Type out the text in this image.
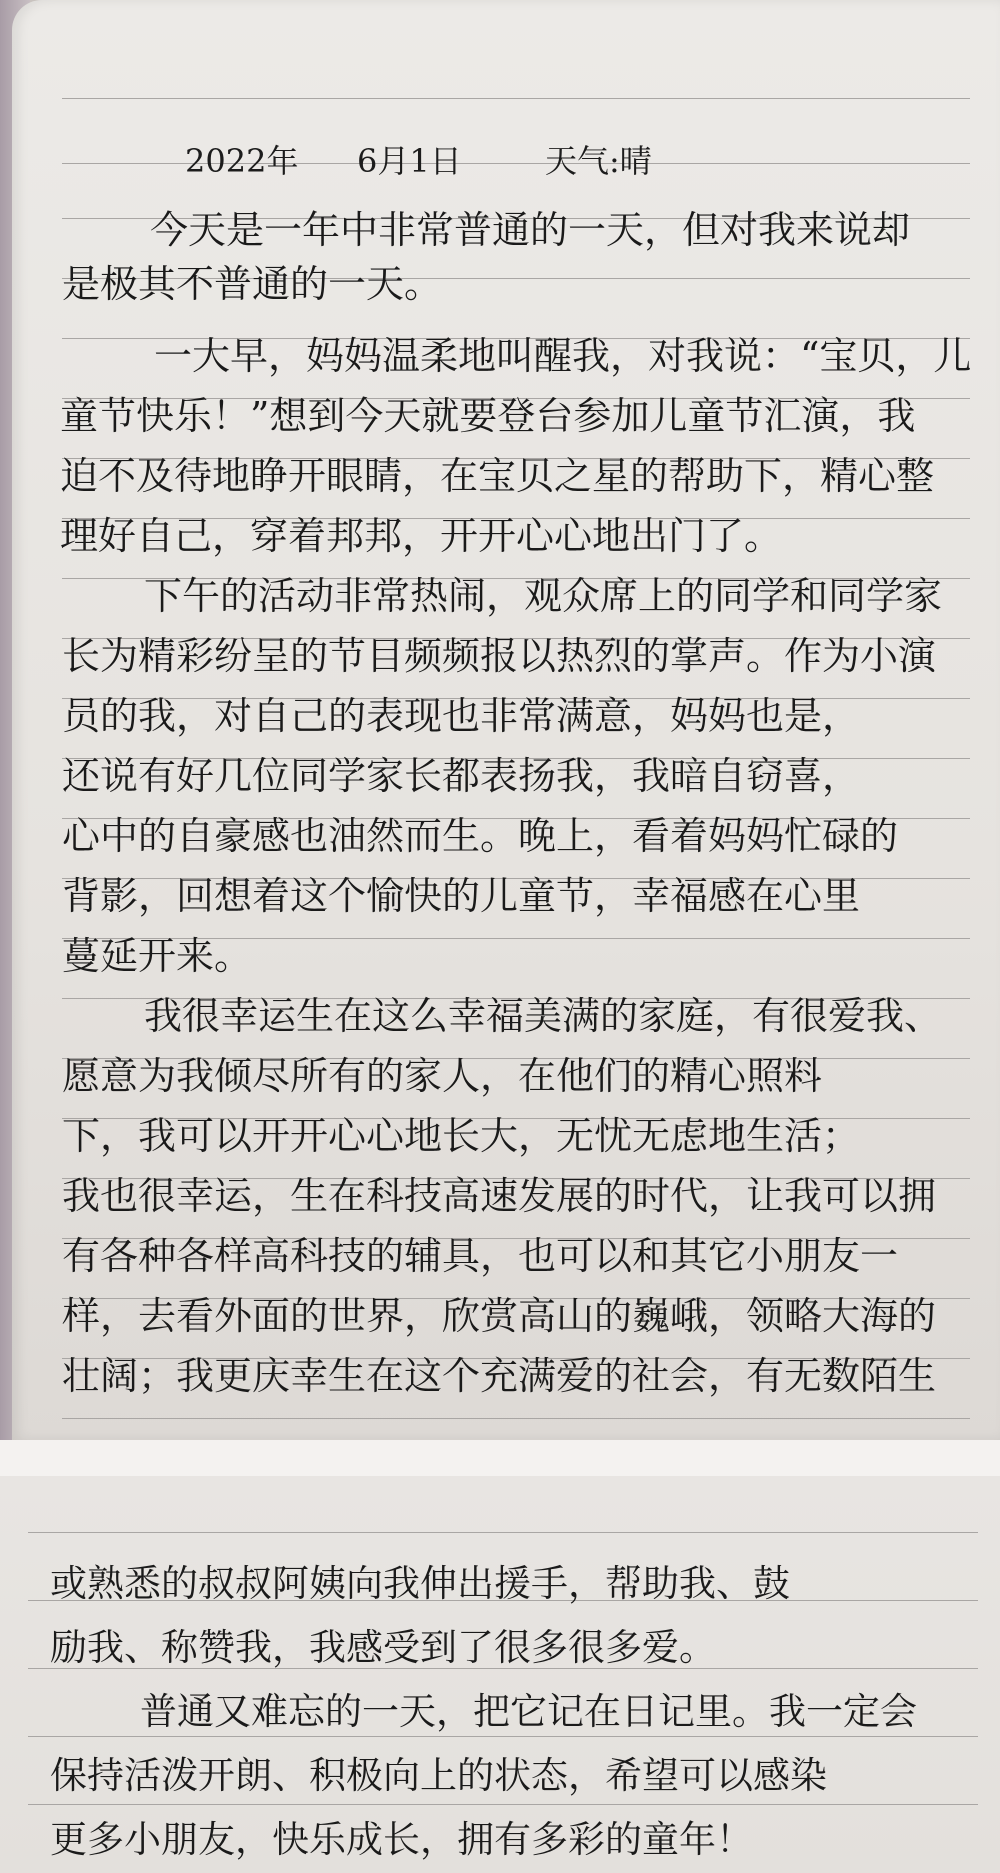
2022年 6月1日	天气:晴
今天是一年中非常普通的一天，但对我来说却
是极其不普通的一天。
一大早，妈妈温柔地叫醒我，对我说：“宝贝，儿
童节快乐！”想到今天就要登台参加儿童节汇演，我
迫不及待地睁开眼睛，在宝贝之星的帮助下，精心整
理好自己，穿着邦邦，开开心心地出门了。
下午的活动非常热闹，观众席上的同学和同学家
长为精彩纷呈的节目频频报以热烈的掌声。作为小演
员的我，对自己的表现也非常满意，妈妈也是，
还说有好几位同学家长都表扬我，我暗自窃喜，
心中的自豪感也油然而生。晚上，看着妈妈忙碌的
背影，回想着这个愉快的儿童节，幸福感在心里
蔓延开来。
我很幸运生在这么幸福美满的家庭，有很爱我、
愿意为我倾尽所有的家人，在他们的精心照料
下，我可以开开心心地长大，无忧无虑地生活；
我也很幸运，生在科技高速发展的时代，让我可以拥
有各种各样高科技的辅具，也可以和其它小朋友一
样，去看外面的世界，欣赏高山的巍峨，领略大海的
壮阔；我更庆幸生在这个充满爱的社会，有无数陌生
或熟悉的叔叔阿姨向我伸出援手，帮助我、鼓
励我、称赞我，我感受到了很多很多爱。
普通又难忘的一天，把它记在日记里。我一定会
保持活泼开朗、积极向上的状态，希望可以感染
更多小朋友，快乐成长，拥有多彩的童年！
